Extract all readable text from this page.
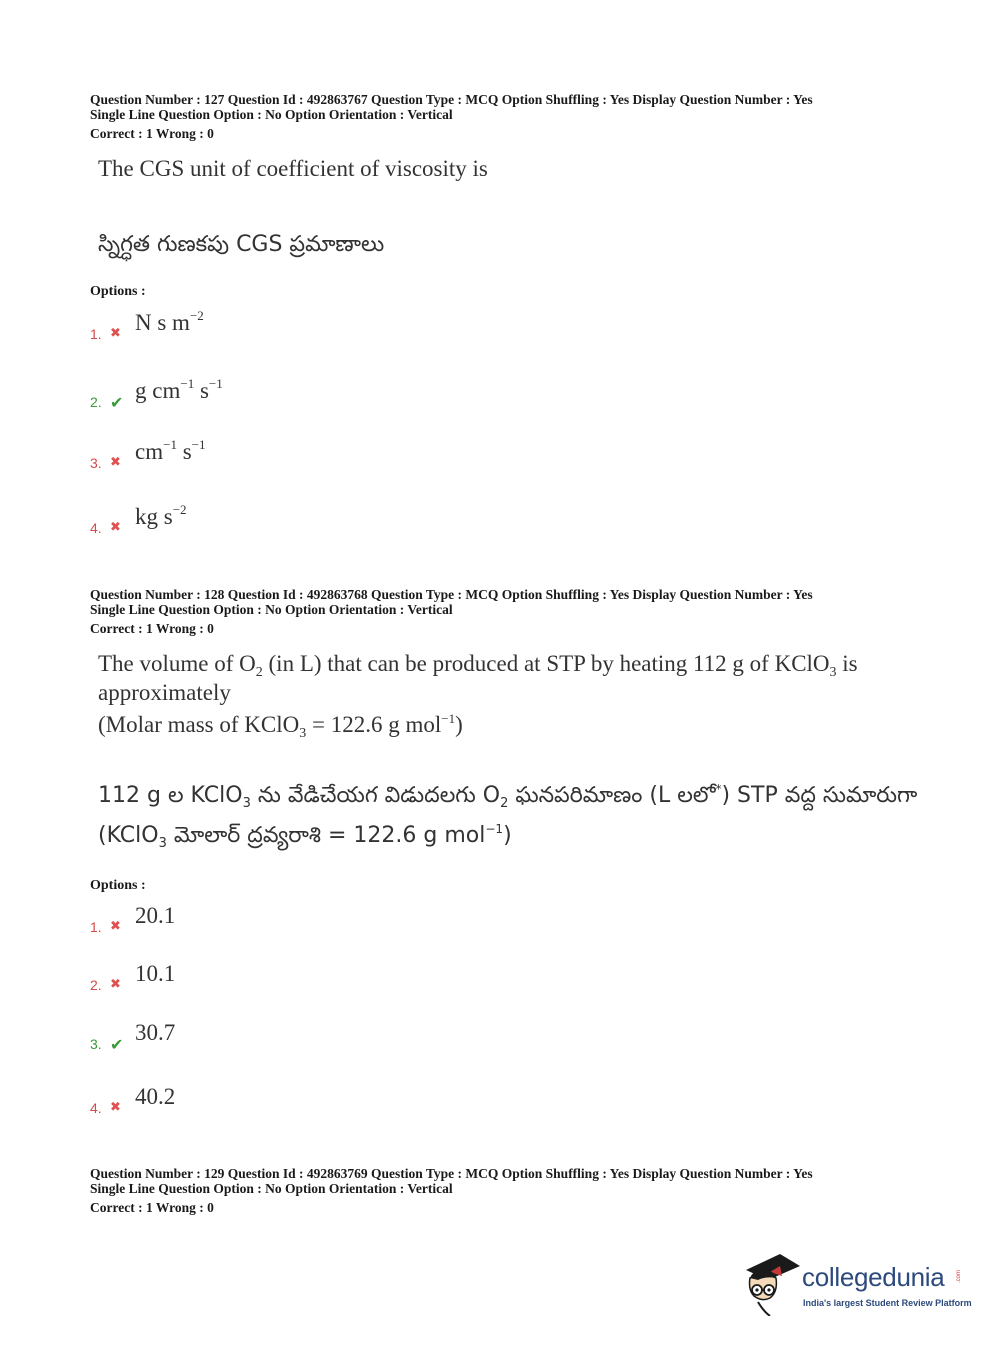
Question Number : 127 Question Id : 492863767 Question Type : MCQ Option Shuffling : Yes Display Question Number : Yes
Single Line Question Option : No Option Orientation : Vertical
Correct : 1 Wrong : 0
The CGS unit of coefficient of viscosity is
స్నిగ్ధత గుణకపు CGS ప్రమాణాలు
Options :
1. ✖ N s $m^{-2}$
2. ✔ g $cm^{-1}$ $s^{-1}$
3. ✖ $cm^{-1}$ $s^{-1}$
4. ✖ kg $s^{-2}$
Question Number : 128 Question Id : 492863768 Question Type : MCQ Option Shuffling : Yes Display Question Number : Yes
Single Line Question Option : No Option Orientation : Vertical
Correct : 1 Wrong : 0
The volume of $O_2$ (in L) that can be produced at STP by heating 112 g of KClO$_3$ is
approximately
(Molar mass of KClO$_3$ = 122.6 g mol$^{-1}$)
112 g ల KClO$_3$ ను వేడిచేయగ విడుదలగు $O_2$ ఘనపరిమాణం (L లలో*) STP వద్ద సుమారుగా
(KClO$_3$ మోలార్ ద్రవ్యరాశి = 122.6 g mol$^{-1}$)
Options :
1. ✖ 20.1
2. ✖ 10.1
3. ✔ 30.7
4. ✖ 40.2
Question Number : 129 Question Id : 492863769 Question Type : MCQ Option Shuffling : Yes Display Question Number : Yes
Single Line Question Option : No Option Orientation : Vertical
Correct : 1 Wrong : 0
collegedunia .com
India's largest Student Review Platform
